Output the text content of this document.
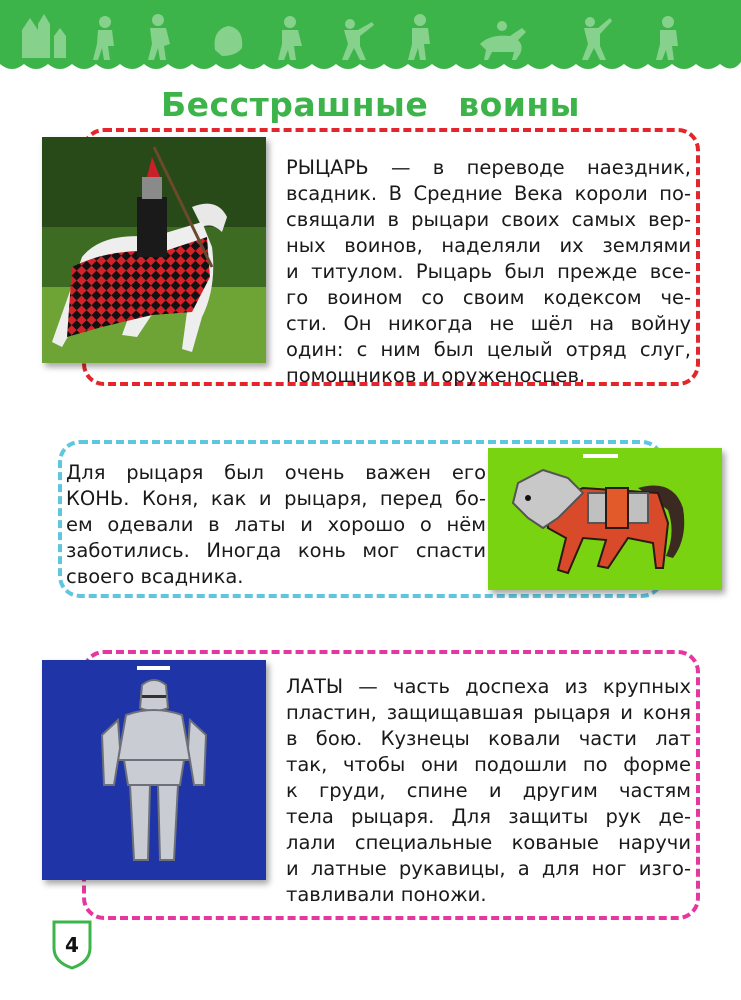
Бесстрашные воины
РЫЦАРЬ — в переводе наездник,
всадник. В Средние Века короли по-
свящали в рыцари своих самых вер-
ных воинов, наделяли их землями
и титулом. Рыцарь был прежде все-
го воином со своим кодексом че-
сти. Он никогда не шёл на войну
один: с ним был целый отряд слуг,
помощников и оруженосцев.
Для рыцаря был очень важен его
КОНЬ. Коня, как и рыцаря, перед бо-
ем одевали в латы и хорошо о нём
заботились. Иногда конь мог спасти
своего всадника.
ЛАТЫ — часть доспеха из крупных
пластин, защищавшая рыцаря и коня
в бою. Кузнецы ковали части лат
так, чтобы они подошли по форме
к груди, спине и другим частям
тела рыцаря. Для защиты рук де-
лали специальные кованые наручи
и латные рукавицы, а для ног изго-
тавливали поножи.
4
